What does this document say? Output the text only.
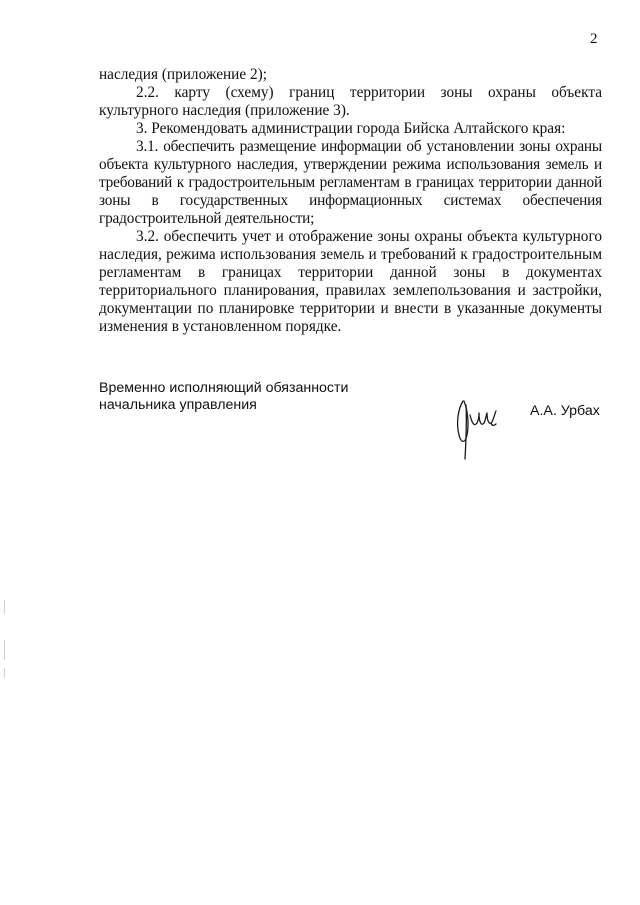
2

наследия (приложение 2);

2.2. карту (схему) границ территории зоны охраны объекта культурного наследия (приложение 3).

3. Рекомендовать администрации города Бийска Алтайского края:

3.1. обеспечить размещение информации об установлении зоны охраны объекта культурного наследия, утверждении режима использования земель и требований к градостроительным регламентам в границах территории данной зоны в государственных информационных системах обеспечения градостроительной деятельности;

3.2. обеспечить учет и отображение зоны охраны объекта культурного наследия, режима использования земель и требований к градостроительным регламентам в границах территории данной зоны в документах территориального планирования, правилах землепользования и застройки, документации по планировке территории и внести в указанные документы изменения в установленном порядке.

Временно исполняющий обязанности
начальника управления	А.А. Урбах
